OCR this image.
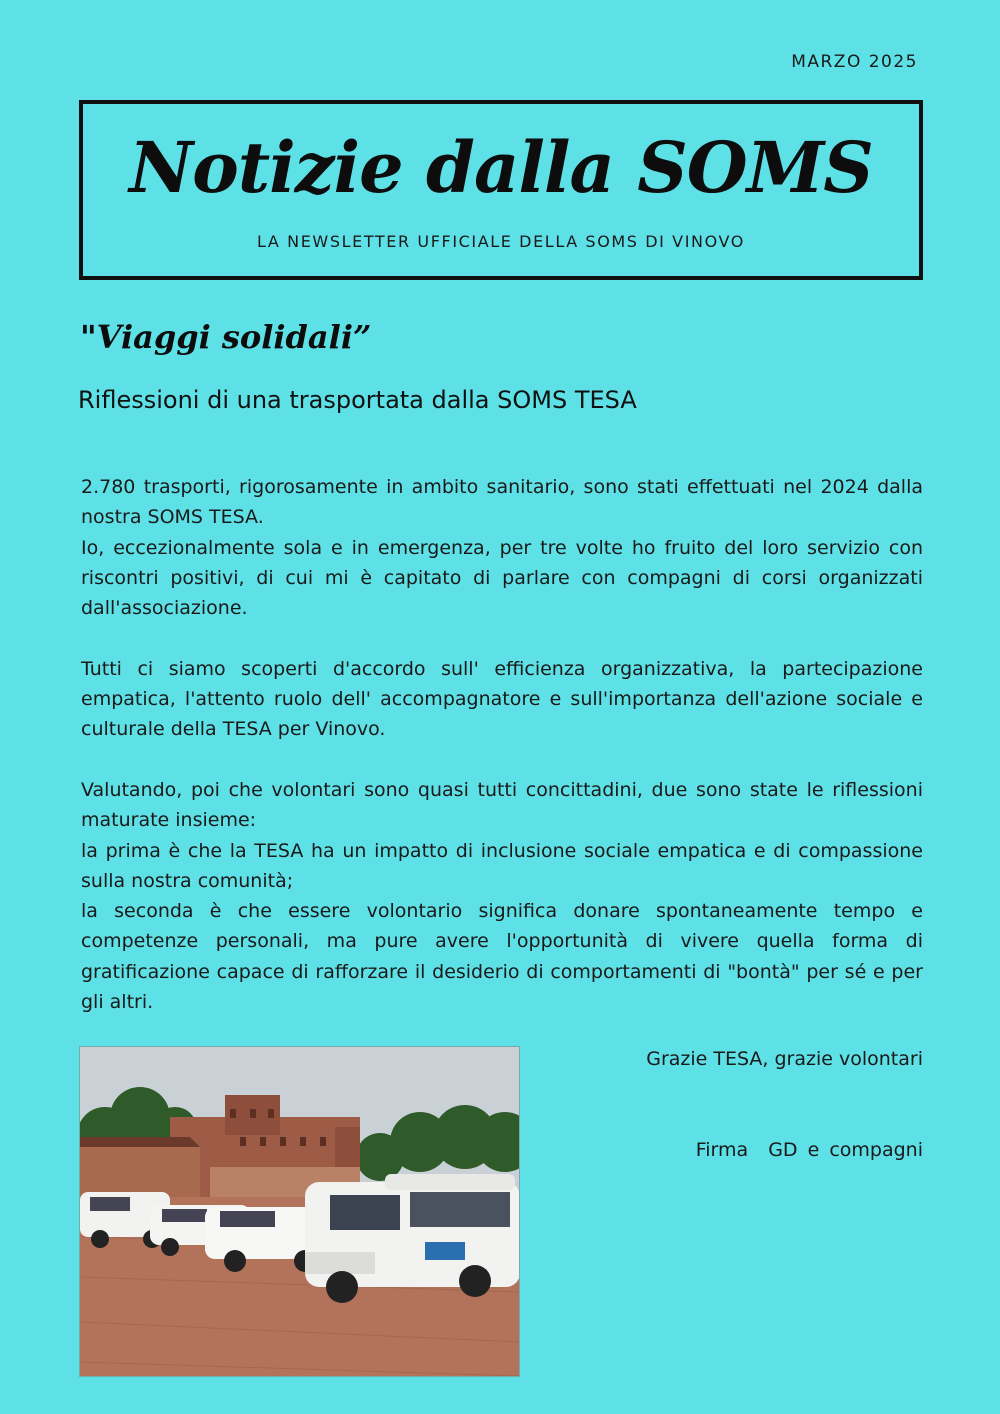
MARZO 2025
Notizie dalla SOMS
LA NEWSLETTER UFFICIALE DELLA SOMS DI VINOVO
"Viaggi solidali”
Riflessioni di una trasportata dalla SOMS TESA

2.780 trasporti, rigorosamente in ambito sanitario, sono stati effettuati nel 2024 dalla nostra SOMS TESA.
Io, eccezionalmente sola e in emergenza, per tre volte ho fruito del loro servizio con riscontri positivi, di cui mi è capitato di parlare con compagni di corsi organizzati dall'associazione.

Tutti ci siamo scoperti d'accordo sull' efficienza organizzativa, la partecipazione empatica, l'attento ruolo dell' accompagnatore e sull'importanza dell'azione sociale e culturale della TESA per Vinovo.

Valutando, poi che volontari sono quasi tutti concittadini, due sono state le riflessioni maturate insieme:
la prima è che la TESA ha un impatto di inclusione sociale empatica e di compassione sulla nostra comunità;
la seconda è che essere volontario significa donare spontaneamente tempo e competenze personali, ma pure avere l'opportunità di vivere quella forma di gratificazione capace di rafforzare il desiderio di comportamenti di "bontà" per sé e per gli altri.

Grazie TESA, grazie volontari
Firma GD e compagni
